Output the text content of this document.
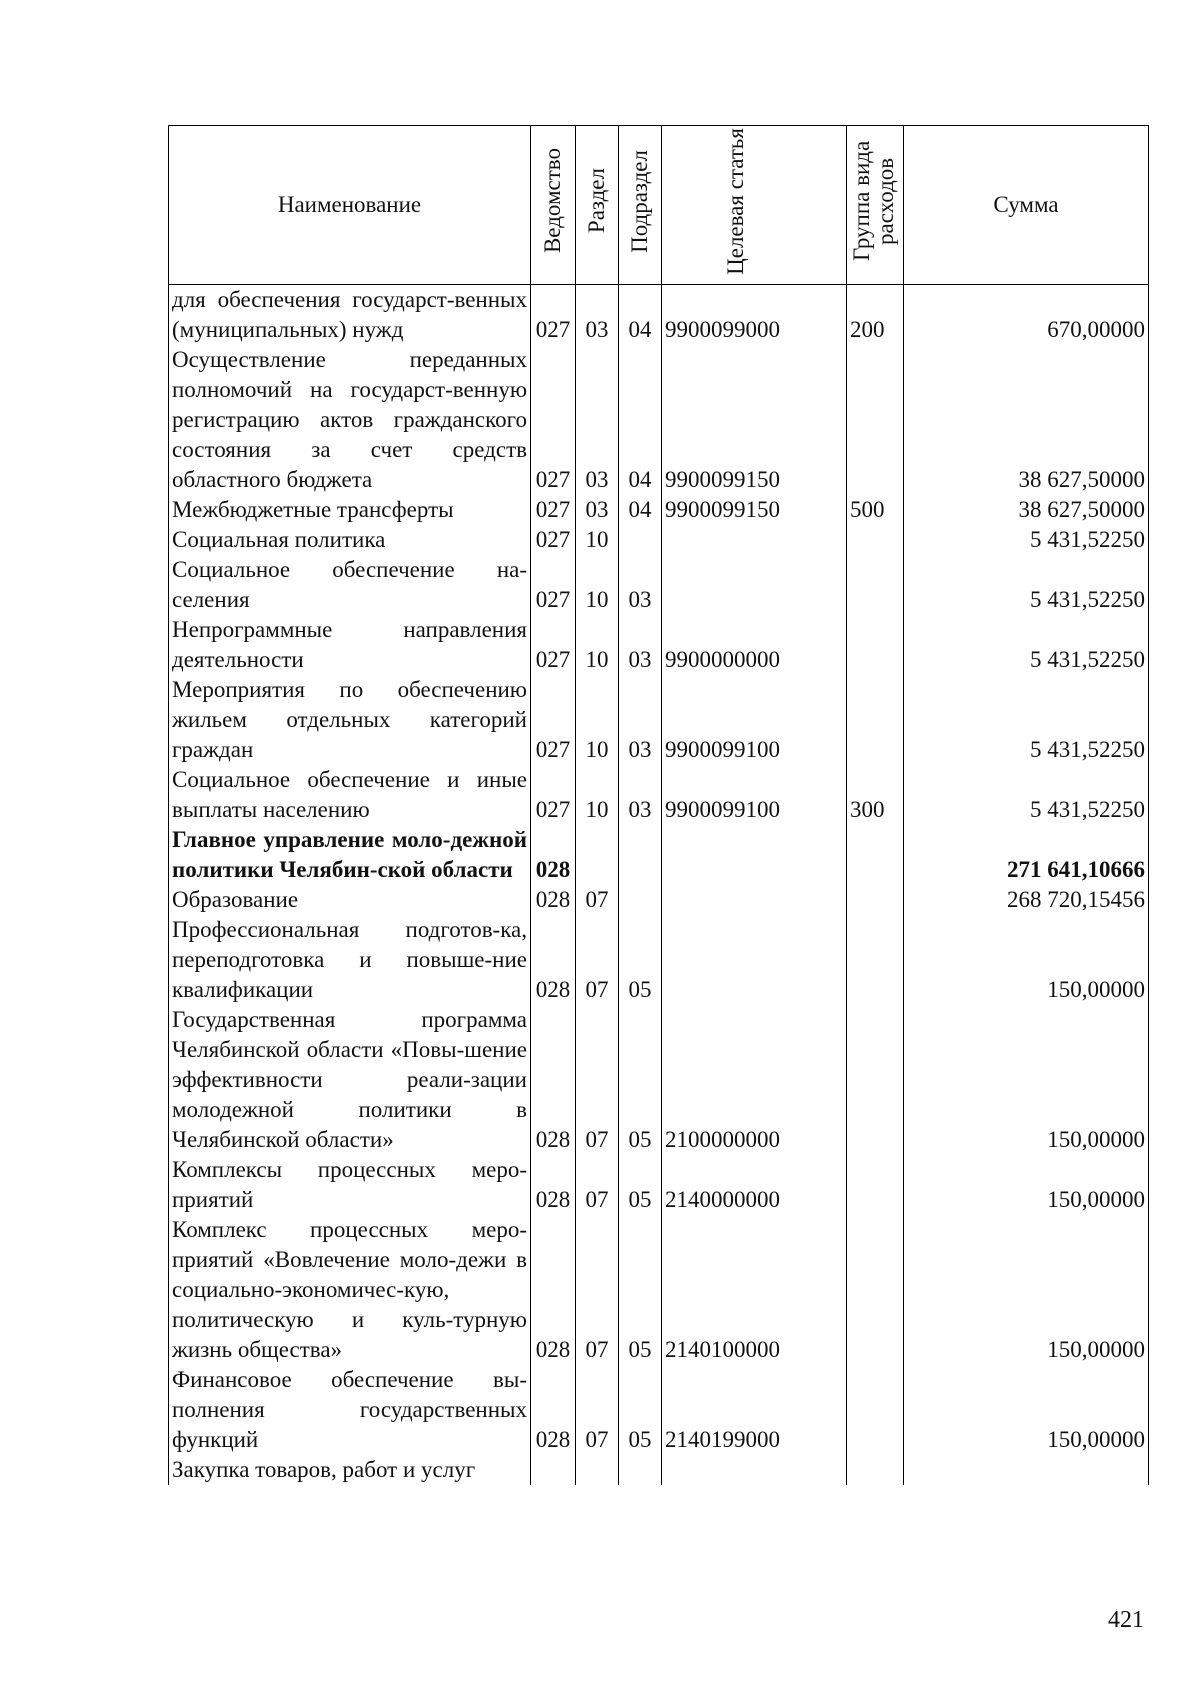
Наименование	Ведомство	Раздел	Подраздел	Целевая статья	Группа вида расходов	Сумма
для обеспечения государст-венных (муниципальных) нужд	027	03	04	9900099000	200	670,00000
Осуществление переданных полномочий на государст-венную регистрацию актов гражданского состояния за счет средств областного бюджета	027	03	04	9900099150		38 627,50000
Межбюджетные трансферты	027	03	04	9900099150	500	38 627,50000
Социальная политика	027	10				5 431,52250
Социальное обеспечение на-селения	027	10	03			5 431,52250
Непрограммные направления деятельности	027	10	03	9900000000		5 431,52250
Мероприятия по обеспечению жильем отдельных категорий граждан	027	10	03	9900099100		5 431,52250
Социальное обеспечение и иные выплаты населению	027	10	03	9900099100	300	5 431,52250
Главное управление моло-дежной политики Челябин-ской области	028					271 641,10666
Образование	028	07				268 720,15456
Профессиональная подготов-ка, переподготовка и повыше-ние квалификации	028	07	05			150,00000
Государственная программа Челябинской области «Повы-шение эффективности реали-зации молодежной политики в Челябинской области»	028	07	05	2100000000		150,00000
Комплексы процессных меро-приятий	028	07	05	2140000000		150,00000
Комплекс процессных меро-приятий «Вовлечение моло-дежи в социально-экономичес-кую, политическую и куль-турную жизнь общества»	028	07	05	2140100000		150,00000
Финансовое обеспечение вы-полнения государственных функций	028	07	05	2140199000		150,00000
Закупка товаров, работ и услуг						
421
